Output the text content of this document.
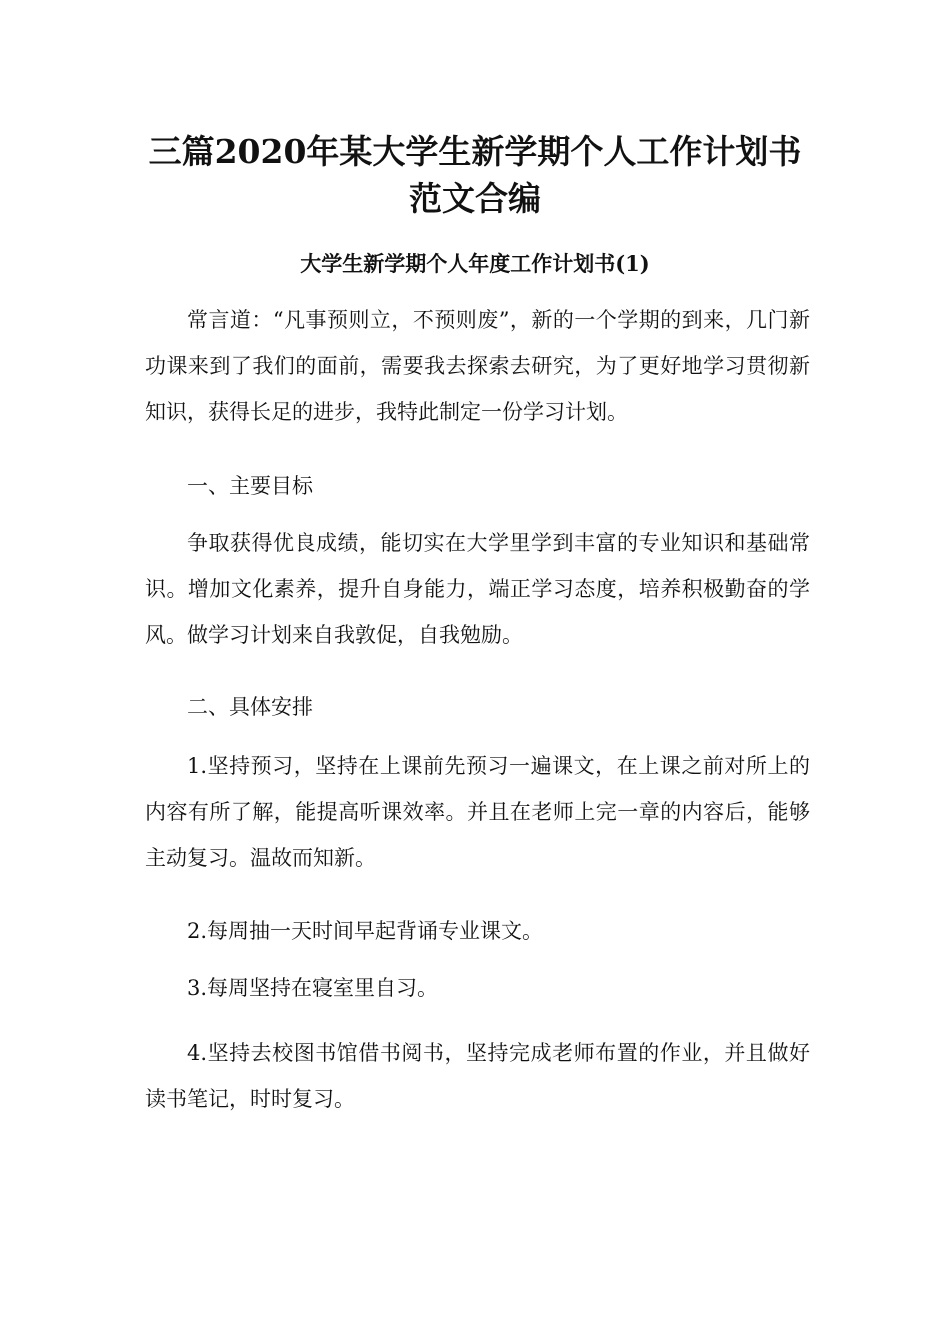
三篇2020年某大学生新学期个人工作计划书范文合编
大学生新学期个人年度工作计划书(1)

常言道：“凡事预则立，不预则废”，新的一个学期的到来，几门新功课来到了我们的面前，需要我去探索去研究，为了更好地学习贯彻新知识，获得长足的进步，我特此制定一份学习计划。

一、主要目标

争取获得优良成绩，能切实在大学里学到丰富的专业知识和基础常识。增加文化素养，提升自身能力，端正学习态度，培养积极勤奋的学风。做学习计划来自我敦促，自我勉励。

二、具体安排

1.坚持预习，坚持在上课前先预习一遍课文，在上课之前对所上的内容有所了解，能提高听课效率。并且在老师上完一章的内容后，能够主动复习。温故而知新。

2.每周抽一天时间早起背诵专业课文。

3.每周坚持在寝室里自习。

4.坚持去校图书馆借书阅书，坚持完成老师布置的作业，并且做好读书笔记，时时复习。
